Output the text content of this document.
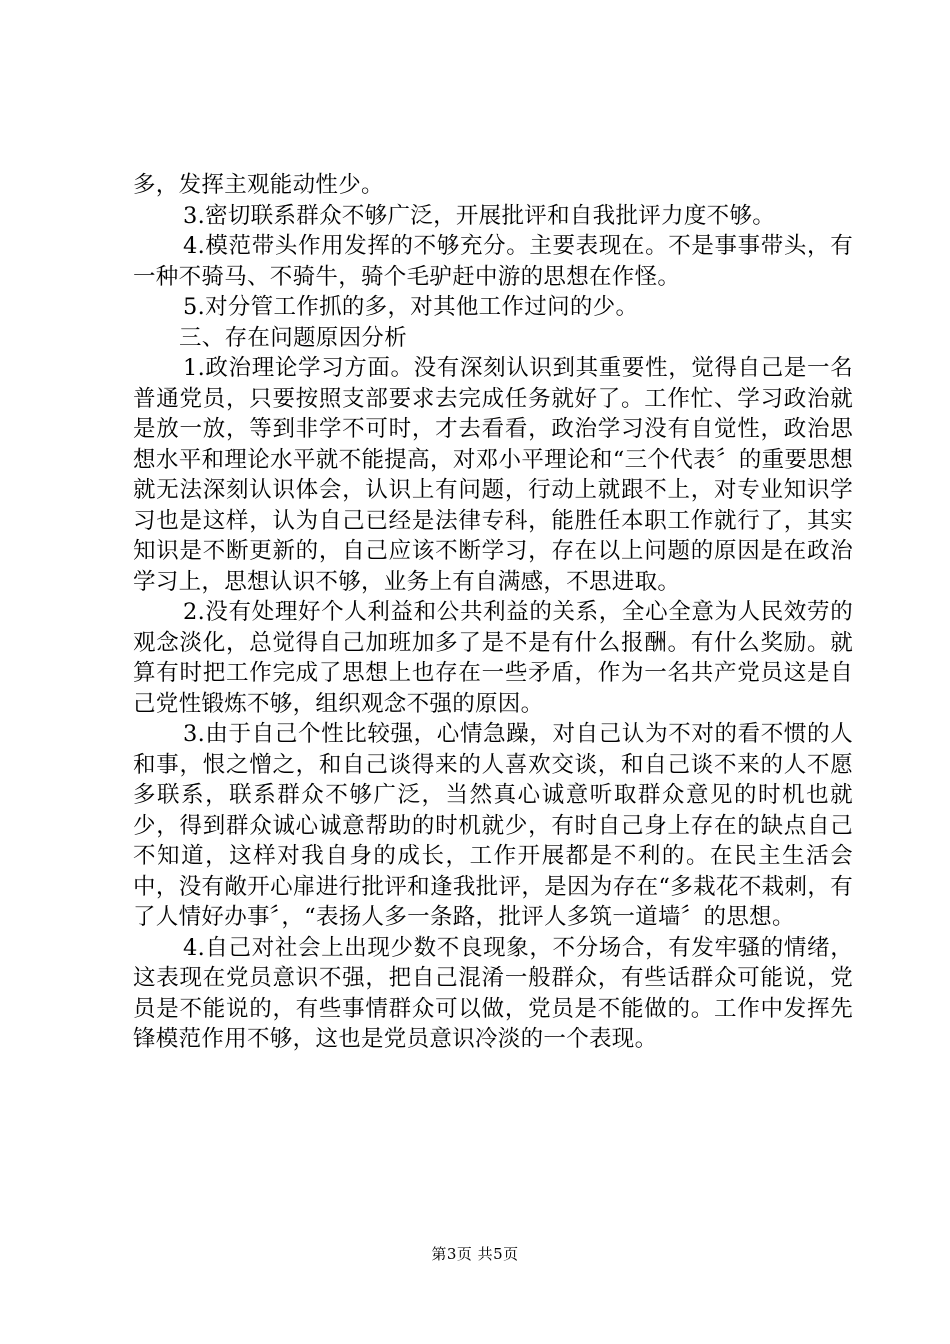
多，发挥主观能动性少。

3.密切联系群众不够广泛，开展批评和自我批评力度不够。

4.模范带头作用发挥的不够充分。主要表现在。不是事事带头，有一种不骑马、不骑牛，骑个毛驴赶中游的思想在作怪。

5.对分管工作抓的多，对其他工作过问的少。

三、存在问题原因分析

1.政治理论学习方面。没有深刻认识到其重要性，觉得自己是一名普通党员，只要按照支部要求去完成任务就好了。工作忙、学习政治就是放一放，等到非学不可时，才去看看，政治学习没有自觉性，政治思想水平和理论水平就不能提高，对邓小平理论和“三个代表〞的重要思想就无法深刻认识体会，认识上有问题，行动上就跟不上，对专业知识学习也是这样，认为自己已经是法律专科，能胜任本职工作就行了，其实知识是不断更新的，自己应该不断学习，存在以上问题的原因是在政治学习上，思想认识不够，业务上有自满感，不思进取。

2.没有处理好个人利益和公共利益的关系，全心全意为人民效劳的观念淡化，总觉得自己加班加多了是不是有什么报酬。有什么奖励。就算有时把工作完成了思想上也存在一些矛盾，作为一名共产党员这是自己党性锻炼不够，组织观念不强的原因。

3.由于自己个性比较强，心情急躁，对自己认为不对的看不惯的人和事，恨之憎之，和自己谈得来的人喜欢交谈，和自己谈不来的人不愿多联系，联系群众不够广泛，当然真心诚意听取群众意见的时机也就少，得到群众诚心诚意帮助的时机就少，有时自己身上存在的缺点自己不知道，这样对我自身的成长，工作开展都是不利的。在民主生活会中，没有敞开心扉进行批评和逢我批评，是因为存在“多栽花不栽刺，有了人情好办事〞，“表扬人多一条路，批评人多筑一道墙〞的思想。

4.自己对社会上出现少数不良现象，不分场合，有发牢骚的情绪，这表现在党员意识不强，把自己混淆一般群众，有些话群众可能说，党员是不能说的，有些事情群众可以做，党员是不能做的。工作中发挥先锋模范作用不够，这也是党员意识冷淡的一个表现。

第3页 共5页
